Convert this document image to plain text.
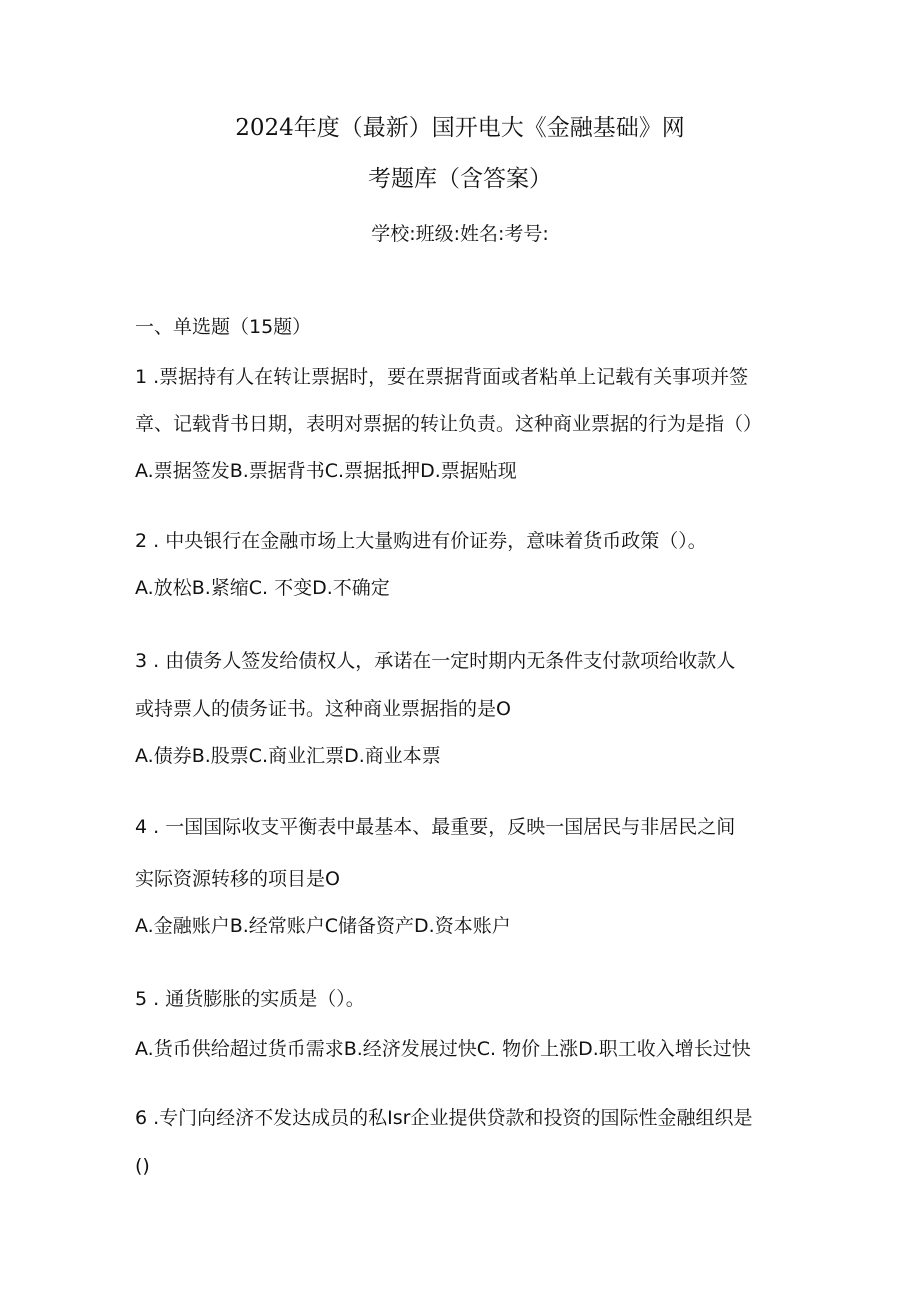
2024年度（最新）国开电大《金融基础》网
考题库（含答案）
学校:班级:姓名:考号:
一、单选题（15题）
1 .票据持有人在转让票据时，要在票据背面或者粘单上记载有关事项并签
章、记载背书日期，表明对票据的转让负责。这种商业票据的行为是指（）
A.票据签发B.票据背书C.票据抵押D.票据贴现
2 . 中央银行在金融市场上大量购进有价证券，意味着货币政策（）。
A.放松B.紧缩C. 不变D.不确定
3 . 由债务人签发给债权人，承诺在一定时期内无条件支付款项给收款人
或持票人的债务证书。这种商业票据指的是O
A.债券B.股票C.商业汇票D.商业本票
4 . 一国国际收支平衡表中最基本、最重要，反映一国居民与非居民之间
实际资源转移的项目是O
A.金融账户B.经常账户C储备资产D.资本账户
5 . 通货膨胀的实质是（）。
A.货币供给超过货币需求B.经济发展过快C. 物价上涨D.职工收入增长过快
6 .专门向经济不发达成员的私Isr企业提供贷款和投资的国际性金融组织是
()
